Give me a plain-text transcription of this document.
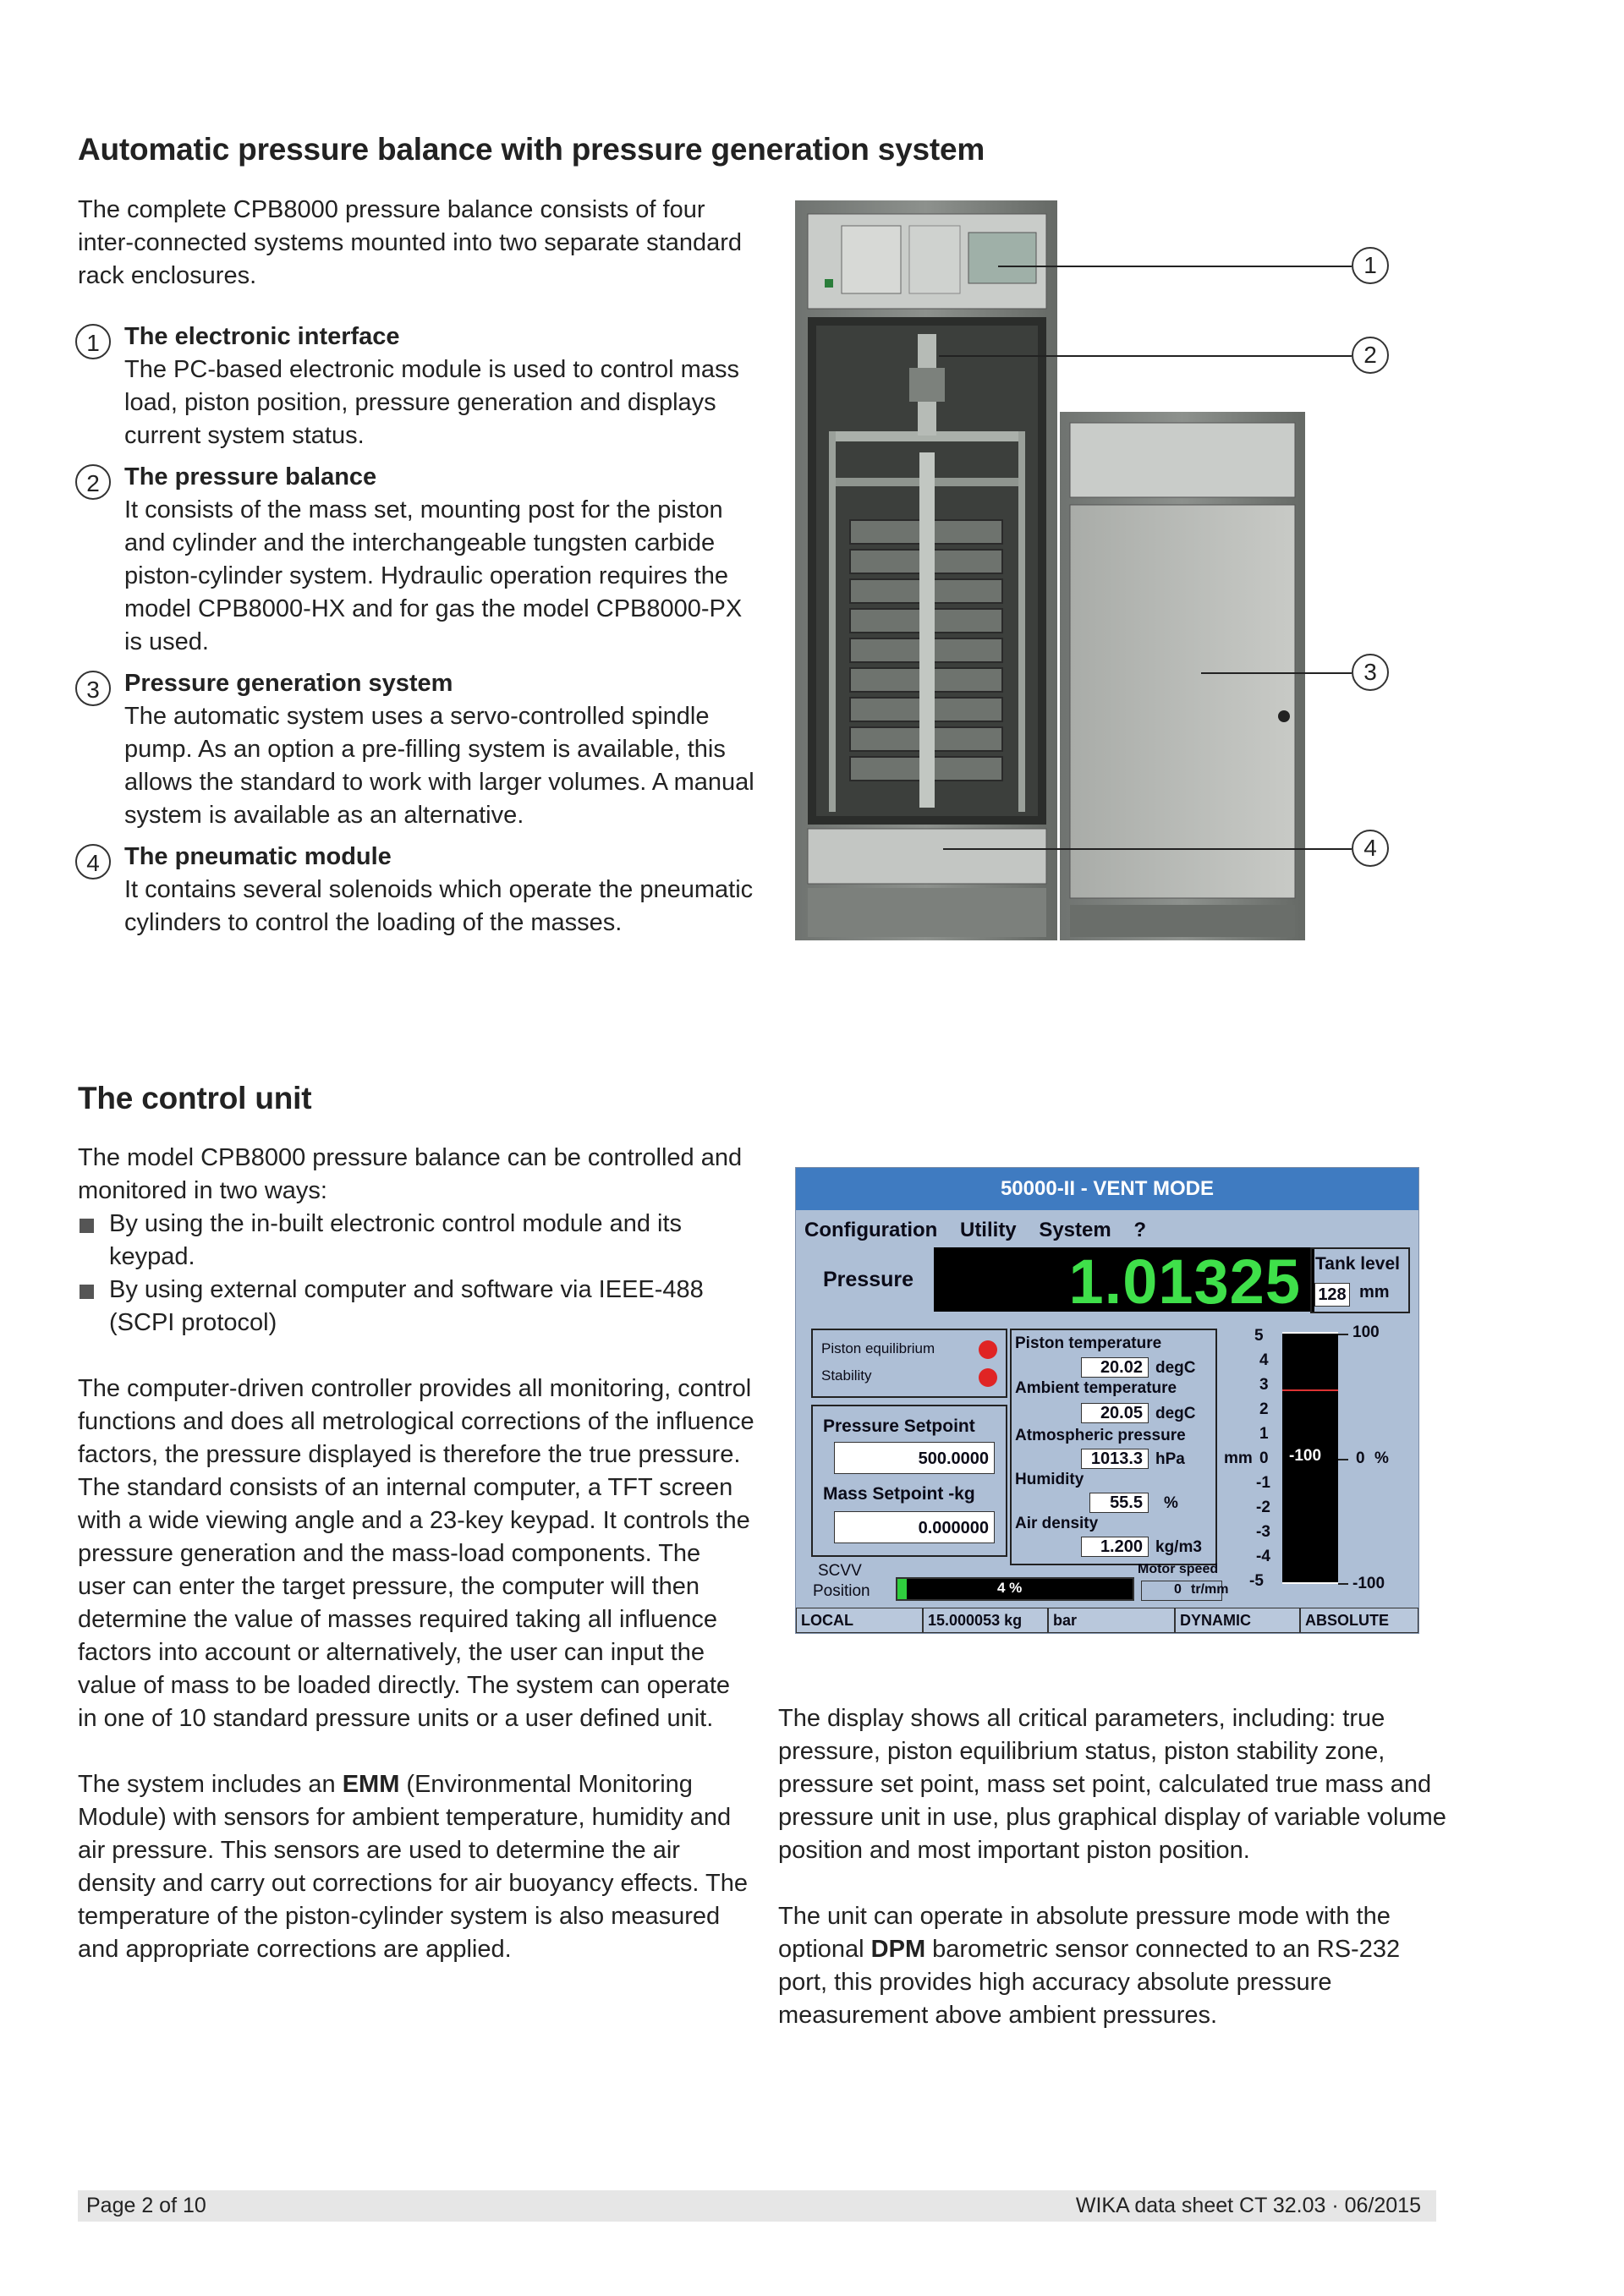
Automatic pressure balance with pressure generation system
The complete CPB8000 pressure balance consists of four inter-connected systems mounted into two separate standard rack enclosures.
1	The electronic interface
The PC-based electronic module is used to control mass load, piston position, pressure generation and displays current system status.
2	The pressure balance
It consists of the mass set, mounting post for the piston and cylinder and the interchangeable tungsten carbide piston-cylinder system. Hydraulic operation requires the model CPB8000-HX and for gas the model CPB8000-PX is used.
3	Pressure generation system
The automatic system uses a servo-controlled spindle pump. As an option a pre-filling system is available, this allows the standard to work with larger volumes. A manual system is available as an alternative.
4	The pneumatic module
It contains several solenoids which operate the pneumatic cylinders to control the loading of the masses.
1
2
3
4
The control unit
The model CPB8000 pressure balance can be controlled and monitored in two ways:
By using the in-built electronic control module and its keypad.
By using external computer and software via IEEE-488 (SCPI protocol)
The computer-driven controller provides all monitoring, control functions and does all metrological corrections of the influence factors, the pressure displayed is therefore the true pressure.
The standard consists of an internal computer, a TFT screen with a wide viewing angle and a 23-key keypad. It controls the pressure generation and the mass-load components. The user can enter the target pressure, the computer will then determine the value of masses required taking all influence factors into account or alternatively, the user can input the value of mass to be loaded directly. The system can operate in one of 10 standard pressure units or a user defined unit.
The system includes an EMM (Environmental Monitoring Module) with sensors for ambient temperature, humidity and air pressure. This sensors are used to determine the air density and carry out corrections for air buoyancy effects. The temperature of the piston-cylinder system is also measured and appropriate corrections are applied.
50000-II - VENT MODE
Configuration Utility System ?
Pressure 1.01325 Tank level
128 mm
Piston equilibrium
Stability
Pressure Setpoint
500.0000
Mass Setpoint -kg
0.000000
Piston temperature
20.02 degC
Ambient temperature
20.05 degC
Atmospheric pressure
1013.3 hPa
Humidity
55.5	%
Air density
1.200 kg/m3
5
4
3
2
1
mm 0
-1
-2
-3
-4
-5
-100
100
0 %
-100
SCVV
Position	4 %
Motor speed
0 tr/mm
LOCAL	15.000053 kg	bar	DYNAMIC	ABSOLUTE
The display shows all critical parameters, including: true pressure, piston equilibrium status, piston stability zone, pressure set point, mass set point, calculated true mass and pressure unit in use, plus graphical display of variable volume position and most important piston position.
The unit can operate in absolute pressure mode with the optional DPM barometric sensor connected to an RS-232 port, this provides high accuracy absolute pressure measurement above ambient pressures.
Page 2 of 10	WIKA data sheet CT 32.03 · 06/2015
